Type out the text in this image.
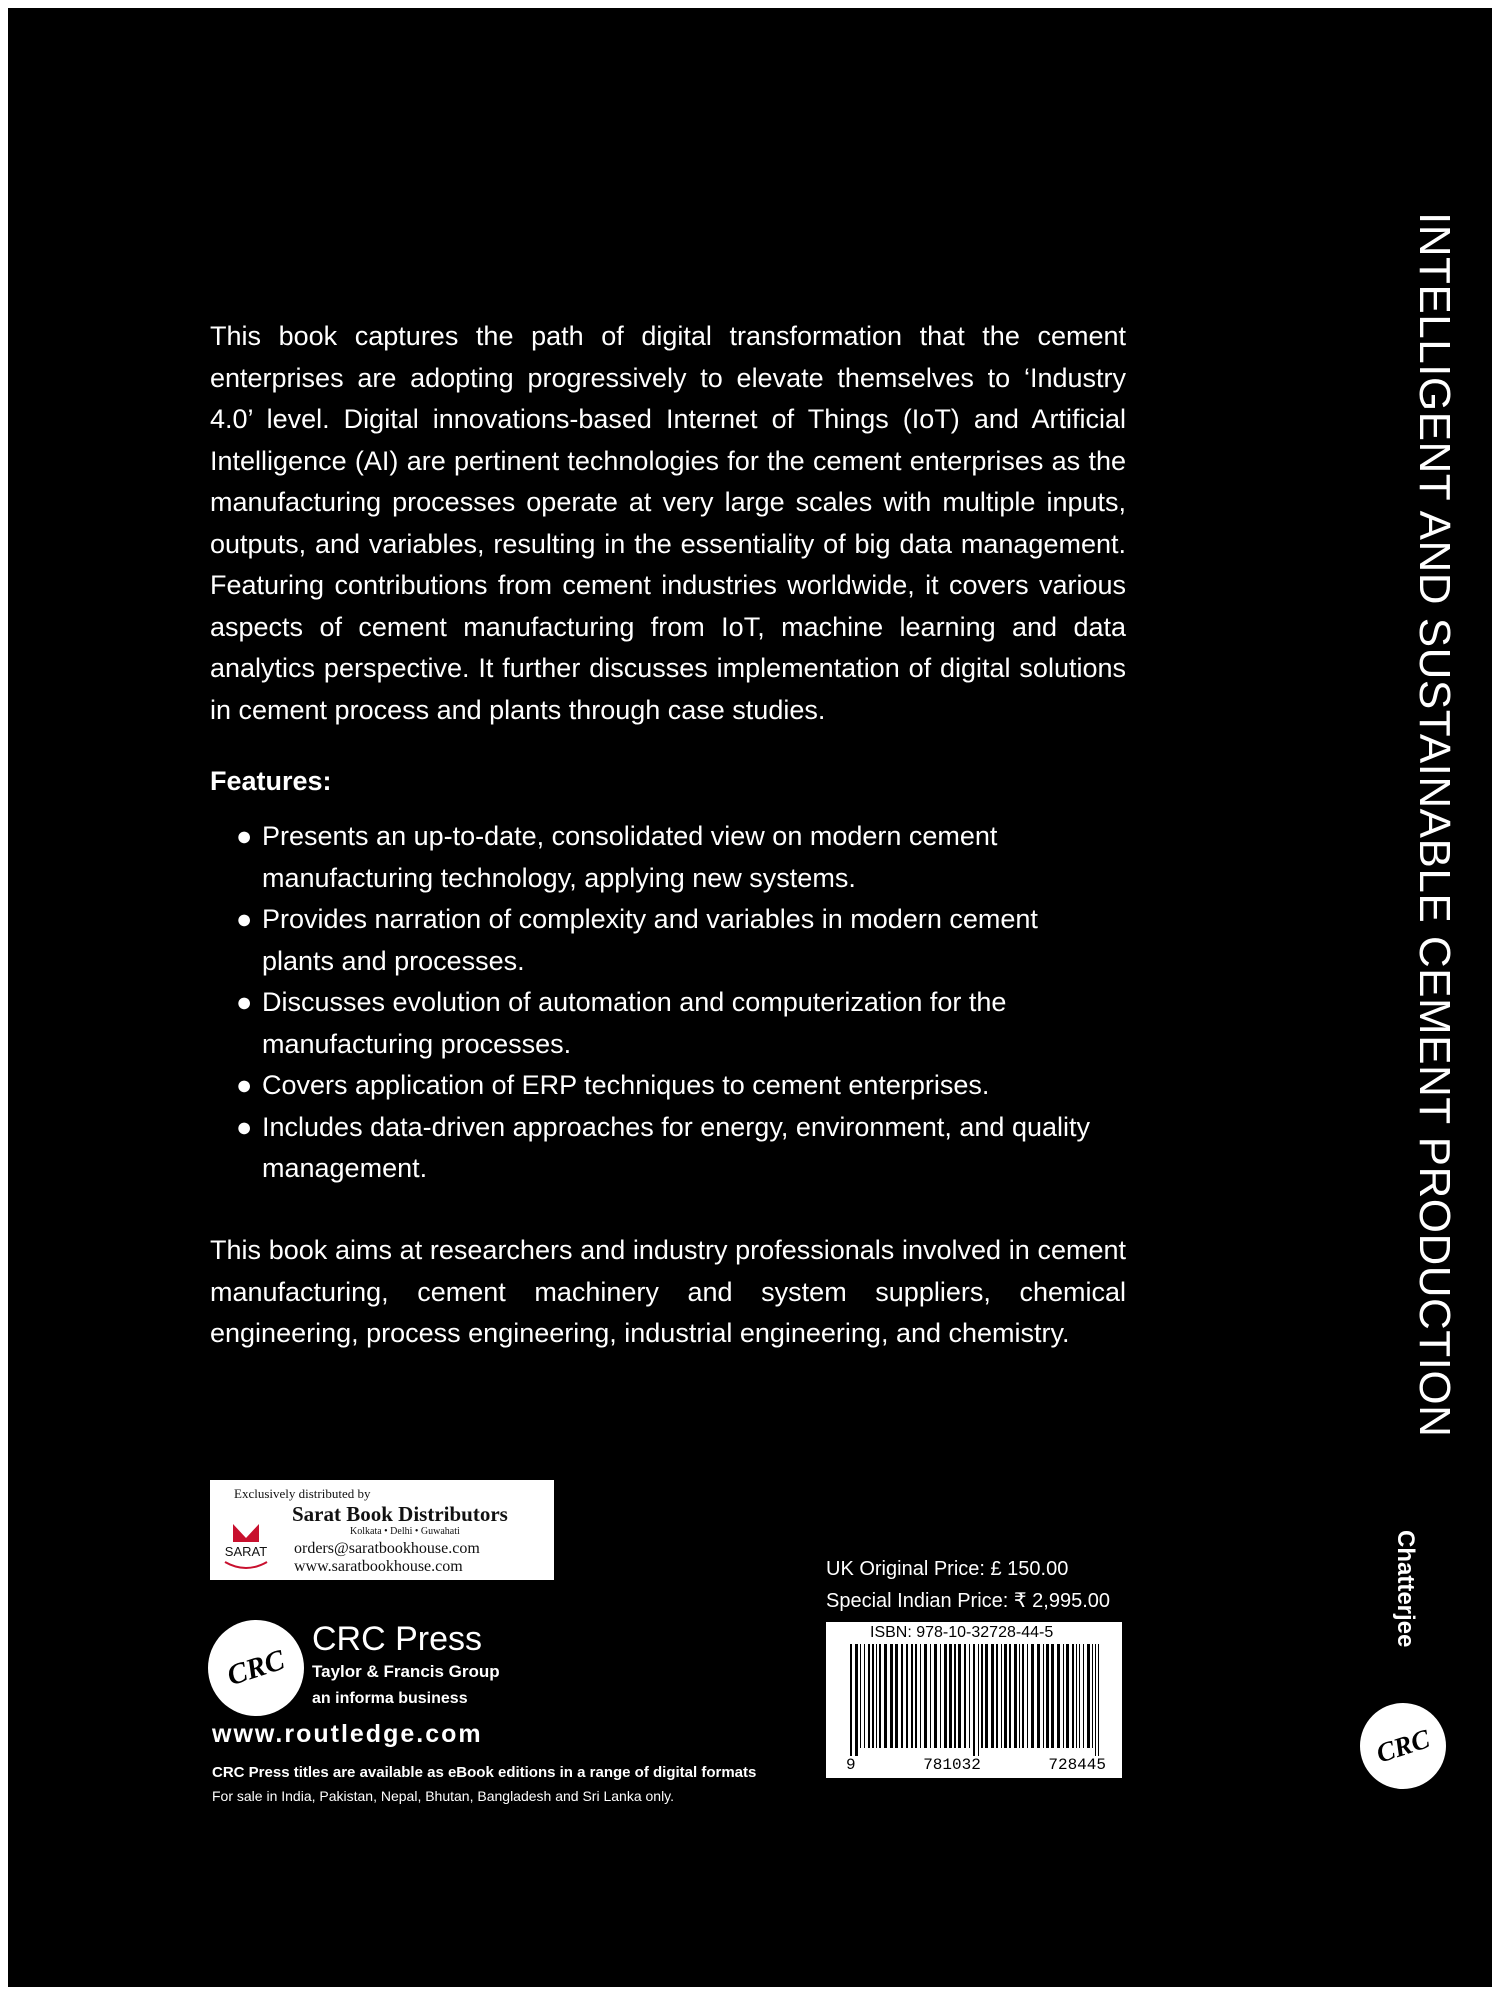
This book captures the path of digital transformation that the cement enterprises are adopting progressively to elevate themselves to ‘Industry 4.0’ level. Digital innovations-based Internet of Things (IoT) and Artificial Intelligence (AI) are pertinent technologies for the cement enterprises as the manufacturing processes operate at very large scales with multiple inputs, outputs, and variables, resulting in the essentiality of big data management. Featuring contributions from cement industries worldwide, it covers various aspects of cement manufacturing from IoT, machine learning and data analytics perspective. It further discusses implementation of digital solutions in cement process and plants through case studies.

Features:
● Presents an up-to-date, consolidated view on modern cement manufacturing technology, applying new systems.
● Provides narration of complexity and variables in modern cement plants and processes.
● Discusses evolution of automation and computerization for the manufacturing processes.
● Covers application of ERP techniques to cement enterprises.
● Includes data-driven approaches for energy, environment, and quality management.

This book aims at researchers and industry professionals involved in cement manufacturing, cement machinery and system suppliers, chemical engineering, process engineering, industrial engineering, and chemistry.

Exclusively distributed by
Sarat Book Distributors
Kolkata • Delhi • Guwahati
SARAT	orders@saratbookhouse.com
www.saratbookhouse.com
CRC
CRC Press
Taylor & Francis Group
an informa business
www.routledge.com
CRC Press titles are available as eBook editions in a range of digital formats
For sale in India, Pakistan, Nepal, Bhutan, Bangladesh and Sri Lanka only.
UK Original Price: £ 150.00
Special Indian Price: ₹ 2,995.00
ISBN: 978-10-32728-44-5
9	781032	728445
INTELLIGENT AND SUSTAINABLE CEMENT PRODUCTION
Chatterjee
CRC
